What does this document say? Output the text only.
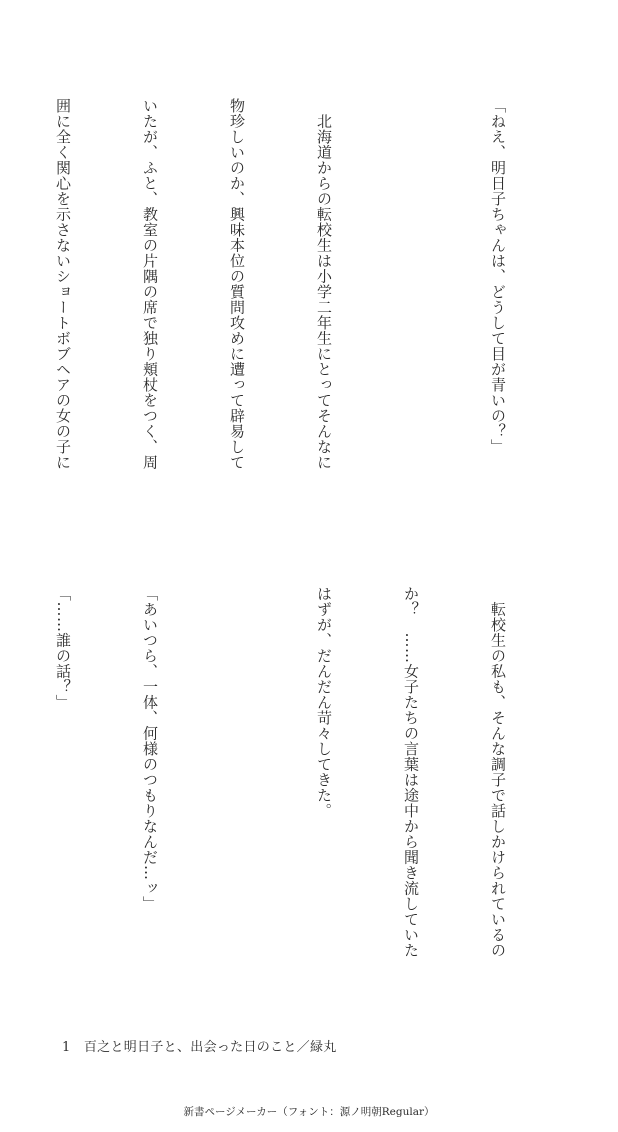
「ねえ、明日子ちゃんは、どうして目が青いの？」

　北海道からの転校生は小学二年生にとってそんなに

物珍しいのか、興味本位の質問攻めに遭って辟易して

いたが、ふと、教室の片隅の席で独り頬杖をつく、周

囲に全く関心を示さないショートボブヘアの女の子に

　転校生の私も、そんな調子で話しかけられているの

か？　……女子たちの言葉は途中から聞き流していた

はずが、だんだん苛々してきた。

「あいつら、一体、何様のつもりなんだ…ッ」

「……誰の話？」

1　百之と明日子と、出会った日のこと／緑丸
新書ページメーカー（フォント：源ノ明朝Regular）
